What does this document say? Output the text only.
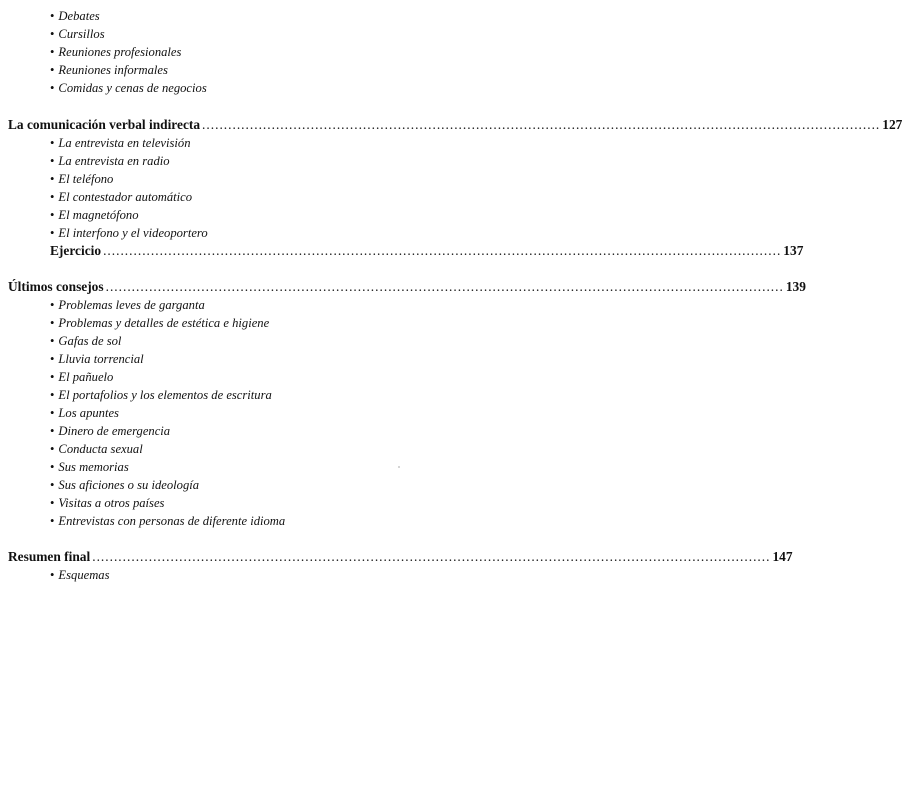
• Debates
• Cursillos
• Reuniones profesionales
• Reuniones informales
• Comidas y cenas de negocios
La comunicación verbal indirecta ............................................................................................................................................................ 127
• La entrevista en televisión
• La entrevista en radio
• El teléfono
• El contestador automático
• El magnetófono
• El interfono y el videoportero
Ejercicio ............................................................................................................................................................ 137
Últimos consejos ............................................................................................................................................................ 139
• Problemas leves de garganta
• Problemas y detalles de estética e higiene
• Gafas de sol
• Lluvia torrencial
• El pañuelo
• El portafolios y los elementos de escritura
• Los apuntes
• Dinero de emergencia
• Conducta sexual
• Sus memorias
• Sus aficiones o su ideología
• Visitas a otros países
• Entrevistas con personas de diferente idioma
Resumen final ............................................................................................................................................................ 147
• Esquemas
